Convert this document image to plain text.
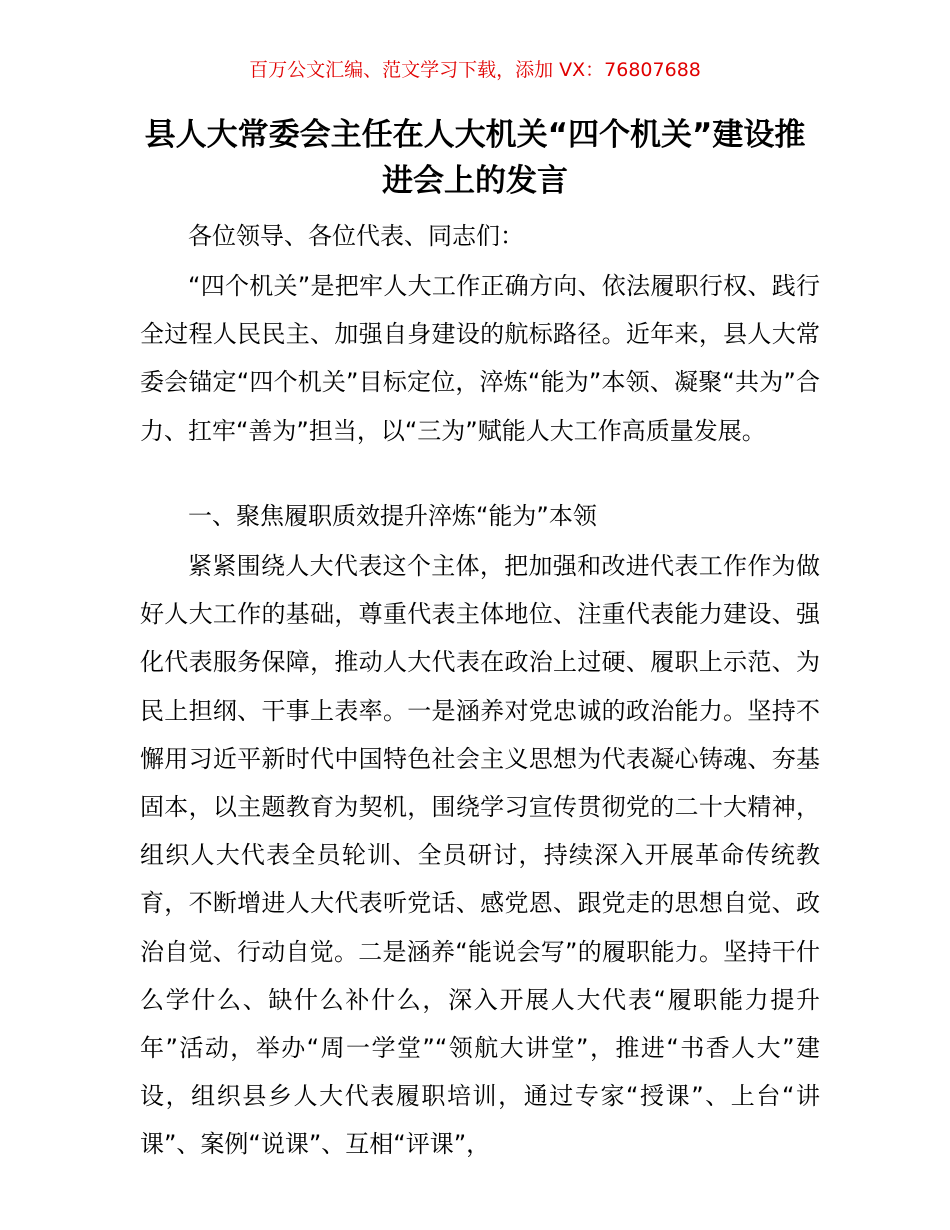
百万公文汇编、范文学习下载，添加 VX：76807688
县人大常委会主任在人大机关“四个机关”建设推进会上的发言
各位领导、各位代表、同志们：
“四个机关”是把牢人大工作正确方向、依法履职行权、践行全过程人民民主、加强自身建设的航标路径。近年来，县人大常委会锚定“四个机关”目标定位，淬炼“能为”本领、凝聚“共为”合力、扛牢“善为”担当，以“三为”赋能人大工作高质量发展。
一、聚焦履职质效提升淬炼“能为”本领
紧紧围绕人大代表这个主体，把加强和改进代表工作作为做好人大工作的基础，尊重代表主体地位、注重代表能力建设、强化代表服务保障，推动人大代表在政治上过硬、履职上示范、为民上担纲、干事上表率。一是涵养对党忠诚的政治能力。坚持不懈用习近平新时代中国特色社会主义思想为代表凝心铸魂、夯基固本，以主题教育为契机，围绕学习宣传贯彻党的二十大精神，组织人大代表全员轮训、全员研讨，持续深入开展革命传统教育，不断增进人大代表听党话、感党恩、跟党走的思想自觉、政治自觉、行动自觉。二是涵养“能说会写”的履职能力。坚持干什么学什么、缺什么补什么，深入开展人大代表“履职能力提升年”活动，举办“周一学堂”“领航大讲堂”，推进“书香人大”建设，组织县乡人大代表履职培训，通过专家“授课”、上台“讲课”、案例“说课”、互相“评课”，
